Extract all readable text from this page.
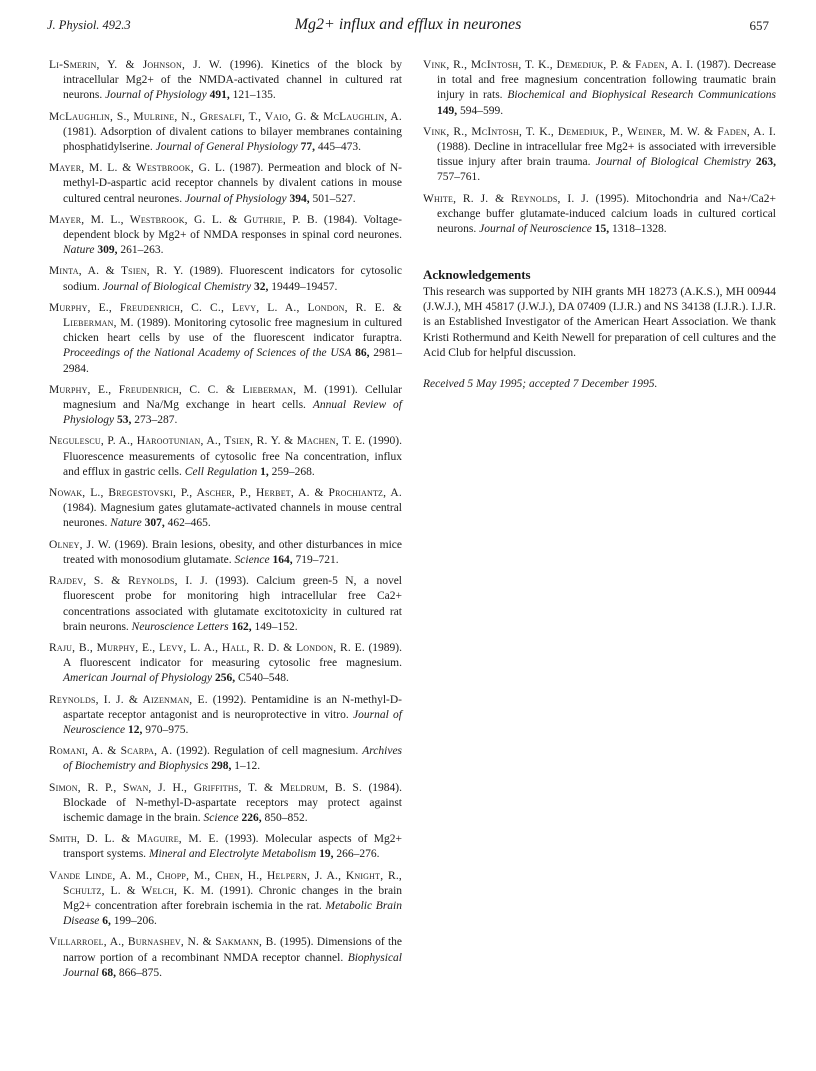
J. Physiol. 492.3	Mg2+ influx and efflux in neurones	657

Li-Smerin, Y. & Johnson, J. W. (1996). Kinetics of the block by intracellular Mg2+ of the NMDA-activated channel in cultured rat neurons. Journal of Physiology 491, 121–135.

McLaughlin, S., Mulrine, N., Gresalfi, T., Vaio, G. & McLaughlin, A. (1981). Adsorption of divalent cations to bilayer membranes containing phosphatidylserine. Journal of General Physiology 77, 445–473.

Mayer, M. L. & Westbrook, G. L. (1987). Permeation and block of N-methyl-D-aspartic acid receptor channels by divalent cations in mouse cultured central neurones. Journal of Physiology 394, 501–527.

Mayer, M. L., Westbrook, G. L. & Guthrie, P. B. (1984). Voltage-dependent block by Mg2+ of NMDA responses in spinal cord neurones. Nature 309, 261–263.

Minta, A. & Tsien, R. Y. (1989). Fluorescent indicators for cytosolic sodium. Journal of Biological Chemistry 32, 19449–19457.

Murphy, E., Freudenrich, C. C., Levy, L. A., London, R. E. & Lieberman, M. (1989). Monitoring cytosolic free magnesium in cultured chicken heart cells by use of the fluorescent indicator furaptra. Proceedings of the National Academy of Sciences of the USA 86, 2981–2984.

Murphy, E., Freudenrich, C. C. & Lieberman, M. (1991). Cellular magnesium and Na/Mg exchange in heart cells. Annual Review of Physiology 53, 273–287.

Negulescu, P. A., Harootunian, A., Tsien, R. Y. & Machen, T. E. (1990). Fluorescence measurements of cytosolic free Na concentration, influx and efflux in gastric cells. Cell Regulation 1, 259–268.

Nowak, L., Bregestovski, P., Ascher, P., Herbet, A. & Prochiantz, A. (1984). Magnesium gates glutamate-activated channels in mouse central neurones. Nature 307, 462–465.

Olney, J. W. (1969). Brain lesions, obesity, and other disturbances in mice treated with monosodium glutamate. Science 164, 719–721.

Rajdev, S. & Reynolds, I. J. (1993). Calcium green-5 N, a novel fluorescent probe for monitoring high intracellular free Ca2+ concentrations associated with glutamate excitotoxicity in cultured rat brain neurons. Neuroscience Letters 162, 149–152.

Raju, B., Murphy, E., Levy, L. A., Hall, R. D. & London, R. E. (1989). A fluorescent indicator for measuring cytosolic free magnesium. American Journal of Physiology 256, C540–548.

Reynolds, I. J. & Aizenman, E. (1992). Pentamidine is an N-methyl-D-aspartate receptor antagonist and is neuroprotective in vitro. Journal of Neuroscience 12, 970–975.

Romani, A. & Scarpa, A. (1992). Regulation of cell magnesium. Archives of Biochemistry and Biophysics 298, 1–12.

Simon, R. P., Swan, J. H., Griffiths, T. & Meldrum, B. S. (1984). Blockade of N-methyl-D-aspartate receptors may protect against ischemic damage in the brain. Science 226, 850–852.

Smith, D. L. & Maguire, M. E. (1993). Molecular aspects of Mg2+ transport systems. Mineral and Electrolyte Metabolism 19, 266–276.

Vande Linde, A. M., Chopp, M., Chen, H., Helpern, J. A., Knight, R., Schultz, L. & Welch, K. M. (1991). Chronic changes in the brain Mg2+ concentration after forebrain ischemia in the rat. Metabolic Brain Disease 6, 199–206.

Villarroel, A., Burnashev, N. & Sakmann, B. (1995). Dimensions of the narrow portion of a recombinant NMDA receptor channel. Biophysical Journal 68, 866–875.

Vink, R., McIntosh, T. K., Demediuk, P. & Faden, A. I. (1987). Decrease in total and free magnesium concentration following traumatic brain injury in rats. Biochemical and Biophysical Research Communications 149, 594–599.

Vink, R., McIntosh, T. K., Demediuk, P., Weiner, M. W. & Faden, A. I. (1988). Decline in intracellular free Mg2+ is associated with irreversible tissue injury after brain trauma. Journal of Biological Chemistry 263, 757–761.

White, R. J. & Reynolds, I. J. (1995). Mitochondria and Na+/Ca2+ exchange buffer glutamate-induced calcium loads in cultured cortical neurons. Journal of Neuroscience 15, 1318–1328.

Acknowledgements
This research was supported by NIH grants MH 18273 (A.K.S.), MH 00944 (J.W.J.), MH 45817 (J.W.J.), DA 07409 (I.J.R.) and NS 34138 (I.J.R.). I.J.R. is an Established Investigator of the American Heart Association. We thank Kristi Rothermund and Keith Newell for preparation of cell cultures and the Acid Club for helpful discussion.
Received 5 May 1995; accepted 7 December 1995.
